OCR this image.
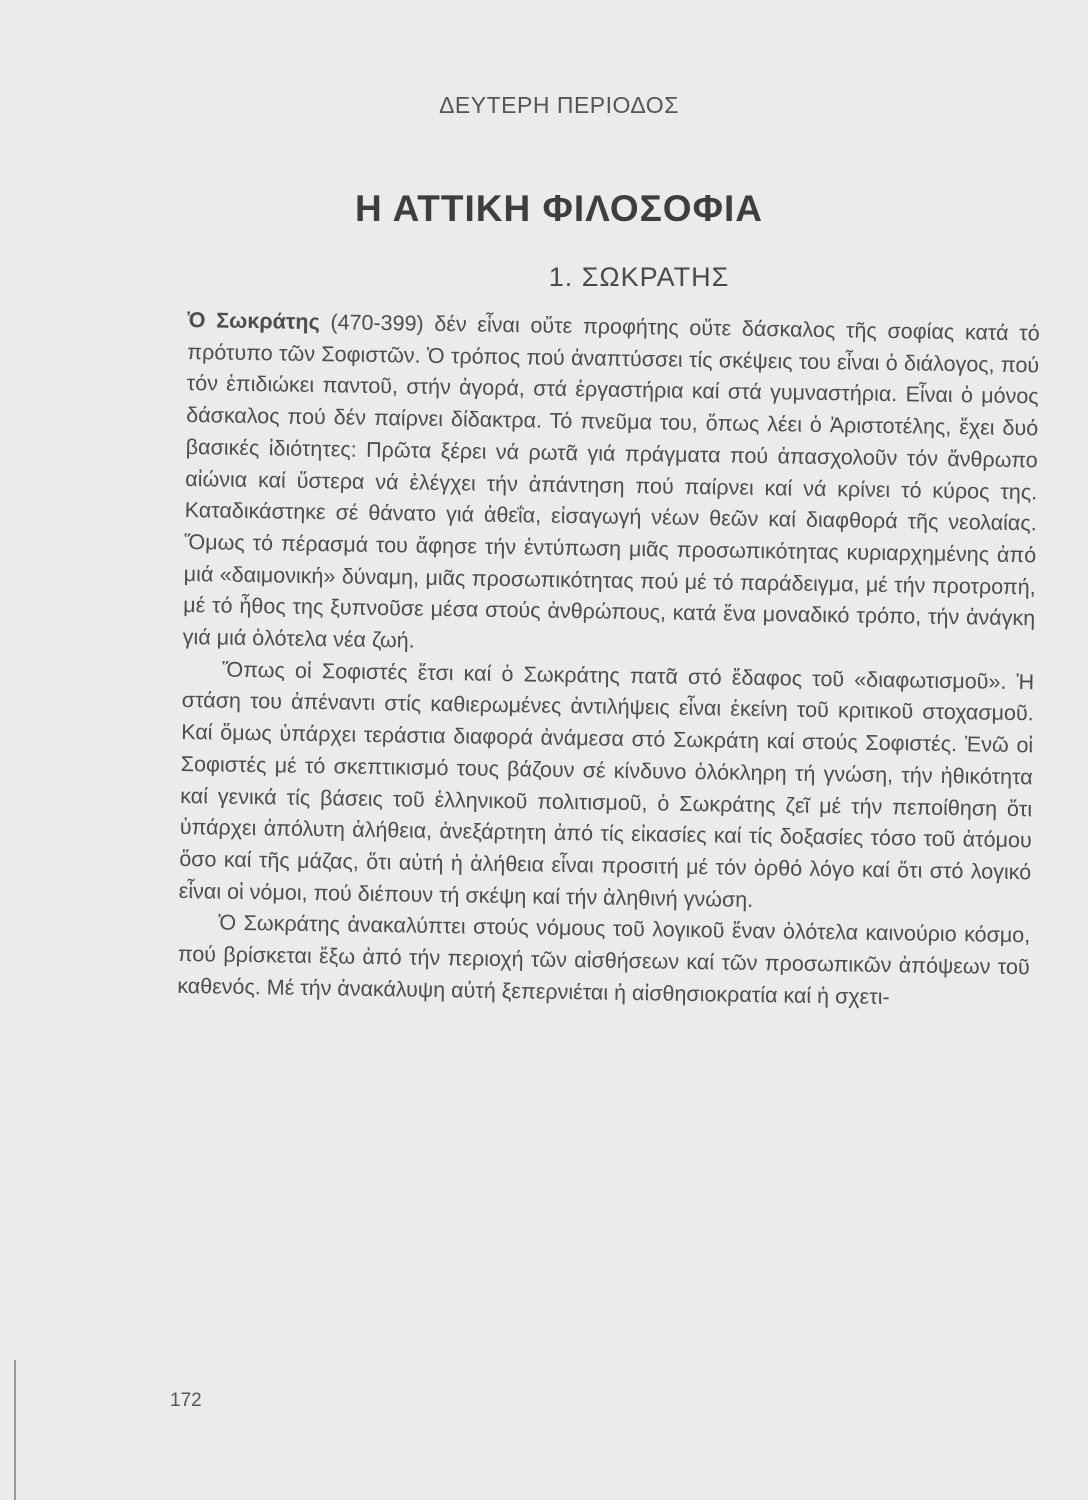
ΔΕΥΤΕΡΗ ΠΕΡΙΟΔΟΣ
Η ΑΤΤΙΚΗ ΦΙΛΟΣΟΦΙΑ
1. ΣΩΚΡΑΤΗΣ

Ὁ Σωκράτης (470-399) δέν εἶναι οὔτε προφήτης οὔτε δάσκαλος τῆς σοφίας κατά τό πρότυπο τῶν Σοφιστῶν. Ὁ τρόπος πού ἀναπτύσσει τίς σκέψεις του εἶναι ὁ διάλογος, πού τόν ἐπιδιώκει παντοῦ, στήν ἀγορά, στά ἐργαστήρια καί στά γυμναστήρια. Εἶναι ὁ μόνος δάσκαλος πού δέν παίρνει δίδακτρα. Τό πνεῦμα του, ὅπως λέει ὁ Ἀριστοτέλης, ἔχει δυό βασικές ἰδιότητες: Πρῶτα ξέρει νά ρωτᾶ γιά πράγματα πού ἀπασχολοῦν τόν ἄνθρωπο αἰώνια καί ὕστερα νά ἐλέγχει τήν ἀπάντηση πού παίρνει καί νά κρίνει τό κύρος της. Καταδικάστηκε σέ θάνατο γιά ἀθεΐα, εἰσαγωγή νέων θεῶν καί διαφθορά τῆς νεολαίας. Ὅμως τό πέρασμά του ἄφησε τήν ἐντύπωση μιᾶς προσωπικότητας κυριαρχημένης ἀπό μιά «δαιμονική» δύναμη, μιᾶς προσωπικότητας πού μέ τό παράδειγμα, μέ τήν προτροπή, μέ τό ἦθος της ξυπνοῦσε μέσα στούς ἀνθρώπους, κατά ἕνα μοναδικό τρόπο, τήν ἀνάγκη γιά μιά ὁλότελα νέα ζωή.

Ὅπως οἱ Σοφιστές ἔτσι καί ὁ Σωκράτης πατᾶ στό ἔδαφος τοῦ «διαφωτισμοῦ». Ἡ στάση του ἀπέναντι στίς καθιερωμένες ἀντιλήψεις εἶναι ἐκείνη τοῦ κριτικοῦ στοχασμοῦ. Καί ὅμως ὑπάρχει τεράστια διαφορά ἀνάμεσα στό Σωκράτη καί στούς Σοφιστές. Ἐνῶ οἱ Σοφιστές μέ τό σκεπτικισμό τους βάζουν σέ κίνδυνο ὁλόκληρη τή γνώση, τήν ἠθικότητα καί γενικά τίς βάσεις τοῦ ἑλληνικοῦ πολιτισμοῦ, ὁ Σωκράτης ζεῖ μέ τήν πεποίθηση ὅτι ὑπάρχει ἀπόλυτη ἀλήθεια, ἀνεξάρτητη ἀπό τίς εἰκασίες καί τίς δοξασίες τόσο τοῦ ἀτόμου ὅσο καί τῆς μάζας, ὅτι αὐτή ἡ ἀλήθεια εἶναι προσιτή μέ τόν ὀρθό λόγο καί ὅτι στό λογικό εἶναι οἱ νόμοι, πού διέπουν τή σκέψη καί τήν ἀληθινή γνώση.

Ὁ Σωκράτης ἀνακαλύπτει στούς νόμους τοῦ λογικοῦ ἕναν ὁλότελα καινούριο κόσμο, πού βρίσκεται ἔξω ἀπό τήν περιοχή τῶν αἰσθήσεων καί τῶν προσωπικῶν ἀπόψεων τοῦ καθενός. Μέ τήν ἀνακάλυψη αὐτή ξεπερνιέται ἡ αἰσθησιοκρατία καί ἡ σχετι-

172
